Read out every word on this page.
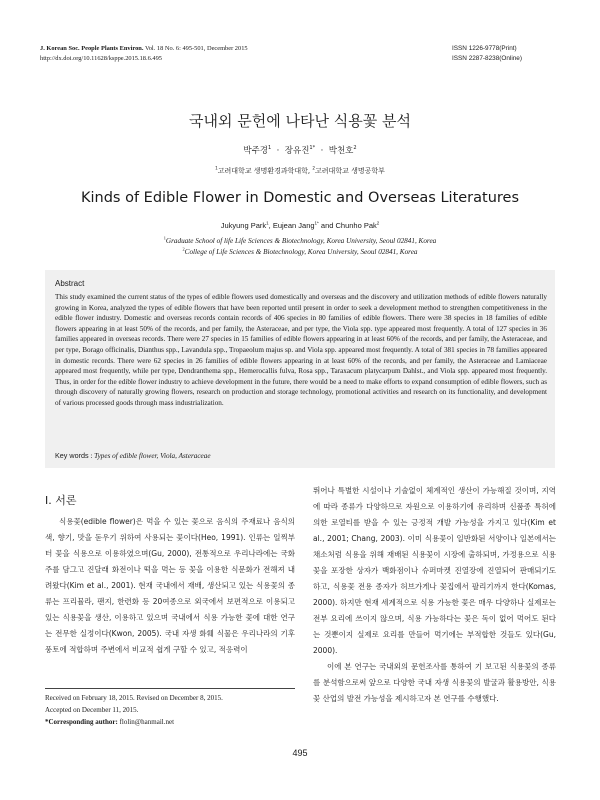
J. Korean Soc. People Plants Environ. Vol. 18 No. 6: 495-501, December 2015
http://dx.doi.org/10.11628/ksppe.2015.18.6.495
ISSN 1226-9778(Print)
ISSN 2287-8238(Online)
국내외 문헌에 나타난 식용꽃 분석
박주경$^1$  ·  장유진$^{1*}$  ·  박천호$^2$
$^1$고려대학교 생명환경과학대학, $^2$고려대학교 생명공학부
Kinds of Edible Flower in Domestic and Overseas Literatures
Jukyung Park$^1$, Eujean Jang$^{1*}$ and Chunho Pak$^2$
$^1$Graduate School of life Life Sciences & Biotechnology, Korea University, Seoul 02841, Korea
$^2$College of Life Sciences & Biotechnology, Korea University, Seoul 02841, Korea
Abstract
This study examined the current status of the types of edible flowers used domestically and overseas and the discovery and utilization methods of edible flowers naturally growing in Korea, analyzed the types of edible flowers that have been reported until present in order to seek a development method to strengthen competitiveness in the edible flower industry. Domestic and overseas records contain records of 406 species in 80 families of edible flowers. There were 38 species in 18 families of edible flowers appearing in at least 50% of the records, and per family, the Asteraceae, and per type, the Viola spp. type appeared most frequently. A total of 127 species in 36 families appeared in overseas records. There were 27 species in 15 families of edible flowers appearing in at least 60% of the records, and per family, the Asteraceae, and per type, Borago officinalis, Dianthus spp., Lavandula spp., Tropaeolum majus sp. and Viola spp. appeared most frequently. A total of 381 species in 78 families appeared in domestic records. There were 62 species in 26 families of edible flowers appearing in at least 60% of the records, and per family, the Asteraceae and Lamiaceae appeared most frequently, while per type, Dendranthema spp., Hemerocallis fulva, Rosa spp., Taraxacum platycarpum Dahlst., and Viola spp. appeared most frequently. Thus, in order for the edible flower industry to achieve development in the future, there would be a need to make efforts to expand consumption of edible flowers, such as through discovery of naturally growing flowers, research on production and storage technology, promotional activities and research on its functionality, and development of various processed goods through mass industrialization.
Key words : Types of edible flower, Viola, Asteraceae
Ⅰ. 서론

식용꽃(edible flower)은 먹을 수 있는 꽃으로 음식의 주재료나 음식의 색, 향기, 맛을 돋우기 위하여 사용되는 꽃이다(Heo, 1991). 인류는 일찍부터 꽃을 식용으로 이용하였으며(Gu, 2000), 전통적으로 우리나라에는 국화주를 담그고 진달래 화전이나 떡을 먹는 등 꽃을 이용한 식문화가 전해져 내려왔다(Kim et al., 2001). 현재 국내에서 재배, 생산되고 있는 식용꽃의 종류는 프리뮬라, 팬지, 한련화 등 20여종으로 외국에서 보편적으로 이용되고 있는 식용꽃을 생산, 이용하고 있으며 국내에서 식용 가능한 꽃에 대한 연구는 전무한 실정이다(Kwon, 2005). 국내 자생 화훼 식물은 우리나라의 기후풍토에 적합하며 주변에서 비교적 쉽게 구할 수 있고, 적응력이

뛰어나 특별한 시설이나 기술없이 체계적인 생산이 가능해질 것이며, 지역에 따라 종류가 다양하므로 자원으로 이용하기에 유리하며 신품종 특허에 의한 로열티를 받을 수 있는 긍정적 개발 가능성을 가지고 있다(Kim et al., 2001; Chang, 2003). 이미 식용꽃이 일반화된 서양이나 일본에서는 채소처럼 식용을 위해 재배된 식용꽃이 시장에 출하되며, 가정용으로 식용꽃을 포장한 상자가 백화점이나 슈퍼마켓 진열장에 진열되어 판매되기도 하고, 식용꽃 전용 종자가 허브가게나 꽃집에서 팔리기까지 한다(Komas, 2000). 하지만 현재 세계적으로 식용 가능한 꽃은 매우 다양하나 실제로는 전부 요리에 쓰이지 않으며, 식용 가능하다는 꽃은 독이 없어 먹어도 된다는 것뿐이지 실제로 요리를 만들어 먹기에는 부적합한 것들도 있다(Gu, 2000).

이에 본 연구는 국내외의 문헌조사를 통하여 기 보고된 식용꽃의 종류를 분석함으로써 앞으로 다양한 국내 자생 식용꽃의 발굴과 활용방안, 식용꽃 산업의 발전 가능성을 제시하고자 본 연구를 수행했다.

Received on February 18, 2015. Revised on December 8, 2015.
Accepted on December 11, 2015.
*Corresponding author: flolin@hanmail.net
495
